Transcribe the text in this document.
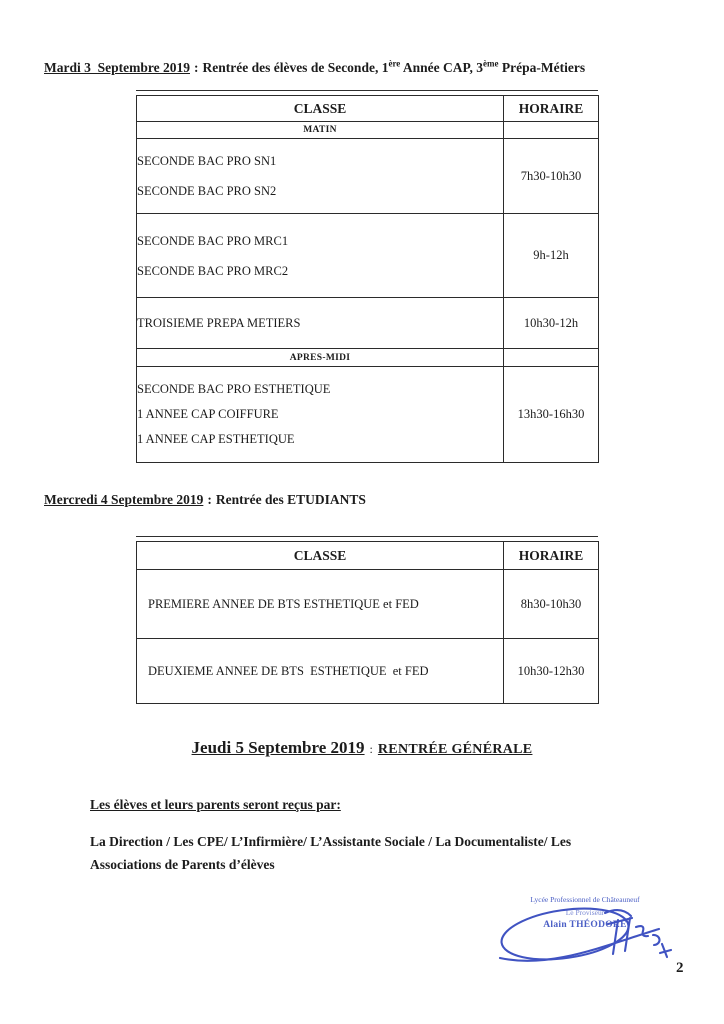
Mardi 3  Septembre 2019 : Rentrée des élèves de Seconde, 1ère Année CAP, 3ème Prépa-Métiers
CLASSE	HORAIRE
MATIN	

SECONDE BAC PRO SN1
SECONDE BAC PRO SN2	7h30-10h30

SECONDE BAC PRO MRC1
SECONDE BAC PRO MRC2	9h-12h

TROISIEME PREPA METIERS	10h30-12h
APRES-MIDI	

SECONDE BAC PRO ESTHETIQUE
1 ANNEE CAP COIFFURE
1 ANNEE CAP ESTHETIQUE	13h30-16h30
Mercredi 4 Septembre 2019 : Rentrée des ETUDIANTS
CLASSE	HORAIRE

PREMIERE ANNEE DE BTS ESTHETIQUE et FED	8h30-10h30

DEUXIEME ANNEE DE BTS  ESTHETIQUE  et FED	10h30-12h30
Jeudi 5 Septembre 2019 : RENTRÉE GÉNÉRALE
Les élèves et leurs parents seront reçus par:
La Direction / Les CPE/ L’Infirmière/ L’Assistante Sociale / La Documentaliste/ Les
Associations de Parents d’élèves
Lycée Professionnel de Châteauneuf
Le Proviseur
Alain THÉODORE
2
